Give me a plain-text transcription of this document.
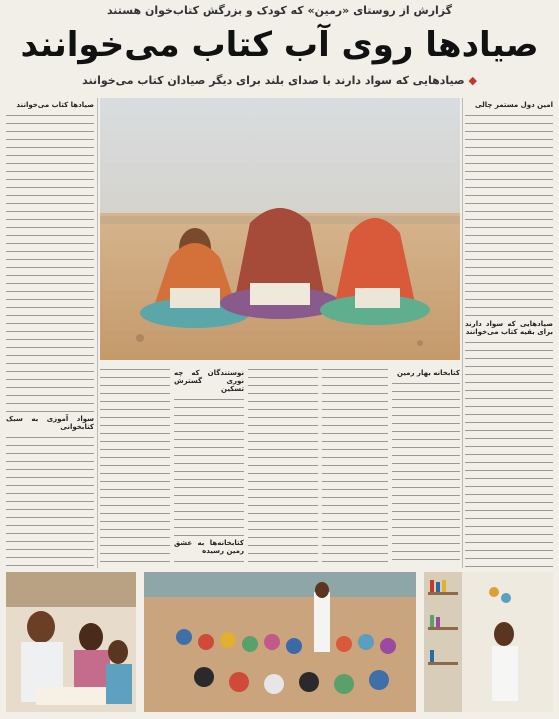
گزارش از روستای «رمین» که کودک و بزرگش کتاب‌خوان هستند
صیادها روی آب کتاب می‌خوانند
◆ صیادهایی که سواد دارند با صدای بلند برای دیگر صیادان کتاب می‌خوانند
امین دول مستمر چالی
صیادهایی که سواد دارند برای بقیه کتاب می‌خوانند
صیادها کتاب می‌خوانند
سواد آموزی به سبک کتابخوانی
نوستندگان که چه نوری گسترش تسکین
کتابخانه‌ها به عشق رمین رسیده
کتابخانه بهار رمین
